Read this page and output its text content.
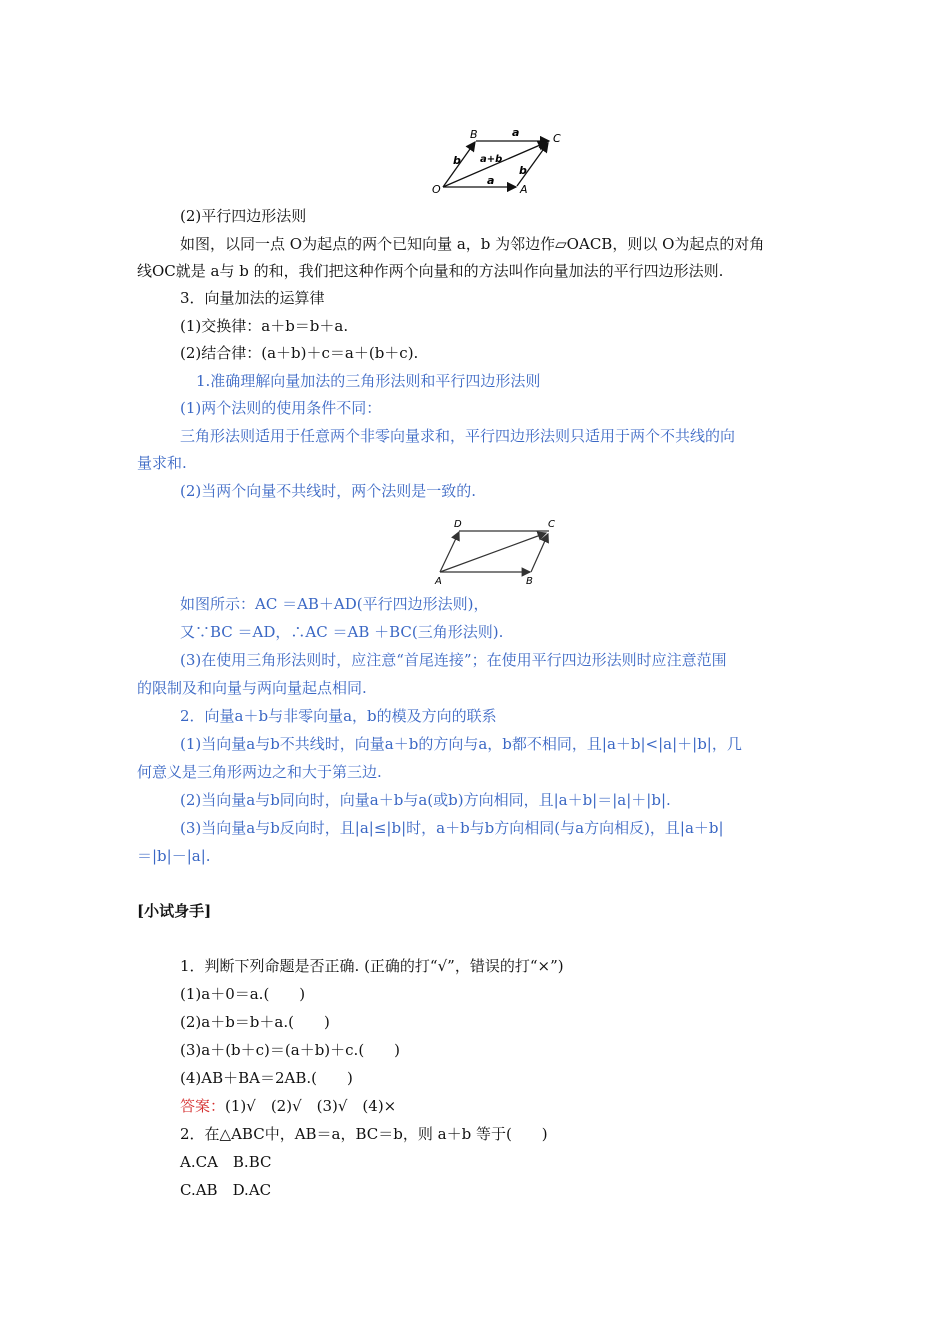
B	a	C
b a+b
b
O
a
A
D	C
A	B
(2)平行四边形法则
如图，以同一点 O为起点的两个已知向量 a，b 为邻边作▱OACB，则以 O为起点的对角
线OC就是 a与 b 的和，我们把这种作两个向量和的方法叫作向量加法的平行四边形法则.
3．向量加法的运算律
(1)交换律：a＋b＝b＋a.
(2)结合律：(a＋b)＋c＝a＋(b＋c).
1.准确理解向量加法的三角形法则和平行四边形法则
(1)两个法则的使用条件不同：
三角形法则适用于任意两个非零向量求和，平行四边形法则只适用于两个不共线的向
量求和.
(2)当两个向量不共线时，两个法则是一致的.
如图所示：AC ＝AB＋AD(平行四边形法则)，
又∵BC ＝AD，∴AC ＝AB ＋BC(三角形法则).
(3)在使用三角形法则时，应注意“首尾连接”；在使用平行四边形法则时应注意范围
的限制及和向量与两向量起点相同.
2．向量a＋b与非零向量a，b的模及方向的联系
(1)当向量a与b不共线时，向量a＋b的方向与a，b都不相同，且|a＋b|<|a|＋|b|，几
何意义是三角形两边之和大于第三边.
(2)当向量a与b同向时，向量a＋b与a(或b)方向相同，且|a＋b|＝|a|＋|b|.
(3)当向量a与b反向时，且|a|≤|b|时，a＋b与b方向相同(与a方向相反)，且|a＋b|
＝|b|－|a|.
[小试身手]
1．判断下列命题是否正确. (正确的打“√”，错误的打“×”)
(1)a＋0＝a.(　　)
(2)a＋b＝b＋a.(　　)
(3)a＋(b＋c)＝(a＋b)＋c.(　　)
(4)AB＋BA＝2AB.(　　)
答案：(1)√　(2)√　(3)√　(4)×
2．在△ABC中，AB＝a，BC＝b，则 a＋b 等于(　　)
A.CA　B.BC
C.AB　D.AC
